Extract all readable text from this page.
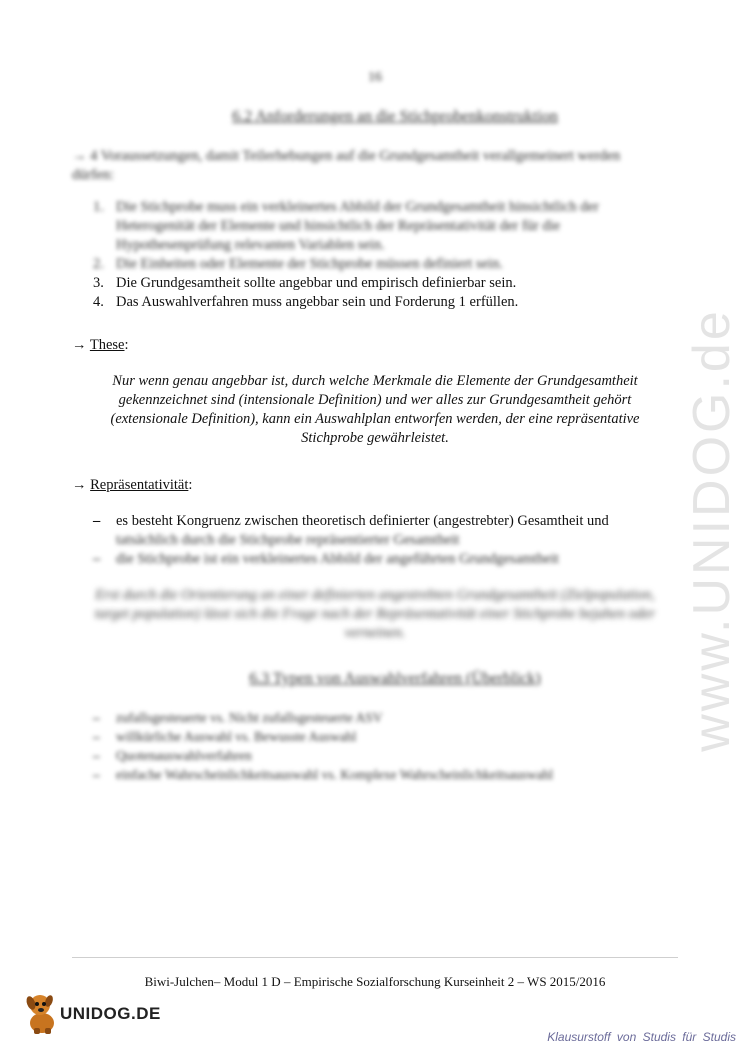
16
6.2 Anforderungen an die Stichprobenkonstruktion
→ 4 Voraussetzungen, damit Teilerhebungen auf die Grundgesamtheit verallgemeinert werden dürfen:
1. Die Stichprobe muss ein verkleinertes Abbild der Grundgesamtheit hinsichtlich der Heterogenität der Elemente und hinsichtlich der Repräsentativität der für die Hypothesenprüfung relevanten Variablen sein.
2. Die Einheiten oder Elemente der Stichprobe müssen definiert sein.
3. Die Grundgesamtheit sollte angebbar und empirisch definierbar sein.
4. Das Auswahlverfahren muss angebbar sein und Forderung 1 erfüllen.
→ These:
Nur wenn genau angebbar ist, durch welche Merkmale die Elemente der Grundgesamtheit gekennzeichnet sind (intensionale Definition) und wer alles zur Grundgesamtheit gehört (extensionale Definition), kann ein Auswahlplan entworfen werden, der eine repräsentative Stichprobe gewährleistet.
→ Repräsentativität:
– es besteht Kongruenz zwischen theoretisch definierter (angestrebter) Gesamtheit und
tatsächlich durch die Stichprobe repräsentierter Gesamtheit
– die Stichprobe ist ein verkleinertes Abbild der angeführten Grundgesamtheit
Erst durch die Orientierung an einer definierten angestrebten Grundgesamtheit (Zielpopulation, target population) lässt sich die Frage nach der Repräsentativität einer Stichprobe bejahen oder verneinen.
6.3 Typen von Auswahlverfahren (Überblick)
– zufallsgesteuerte vs. Nicht zufallsgesteuerte ASV
– willkürliche Auswahl vs. Bewusste Auswahl
– Quotenauswahlverfahren
– einfache Wahrscheinlichkeitsauswahl vs. Komplexe Wahrscheinlichkeitsauswahl
www.UNIDOG.de
Biwi-Julchen– Modul 1 D – Empirische Sozialforschung Kurseinheit 2 – WS 2015/2016
UNIDOG.DE
Klausurstoff von Studis für Studis
